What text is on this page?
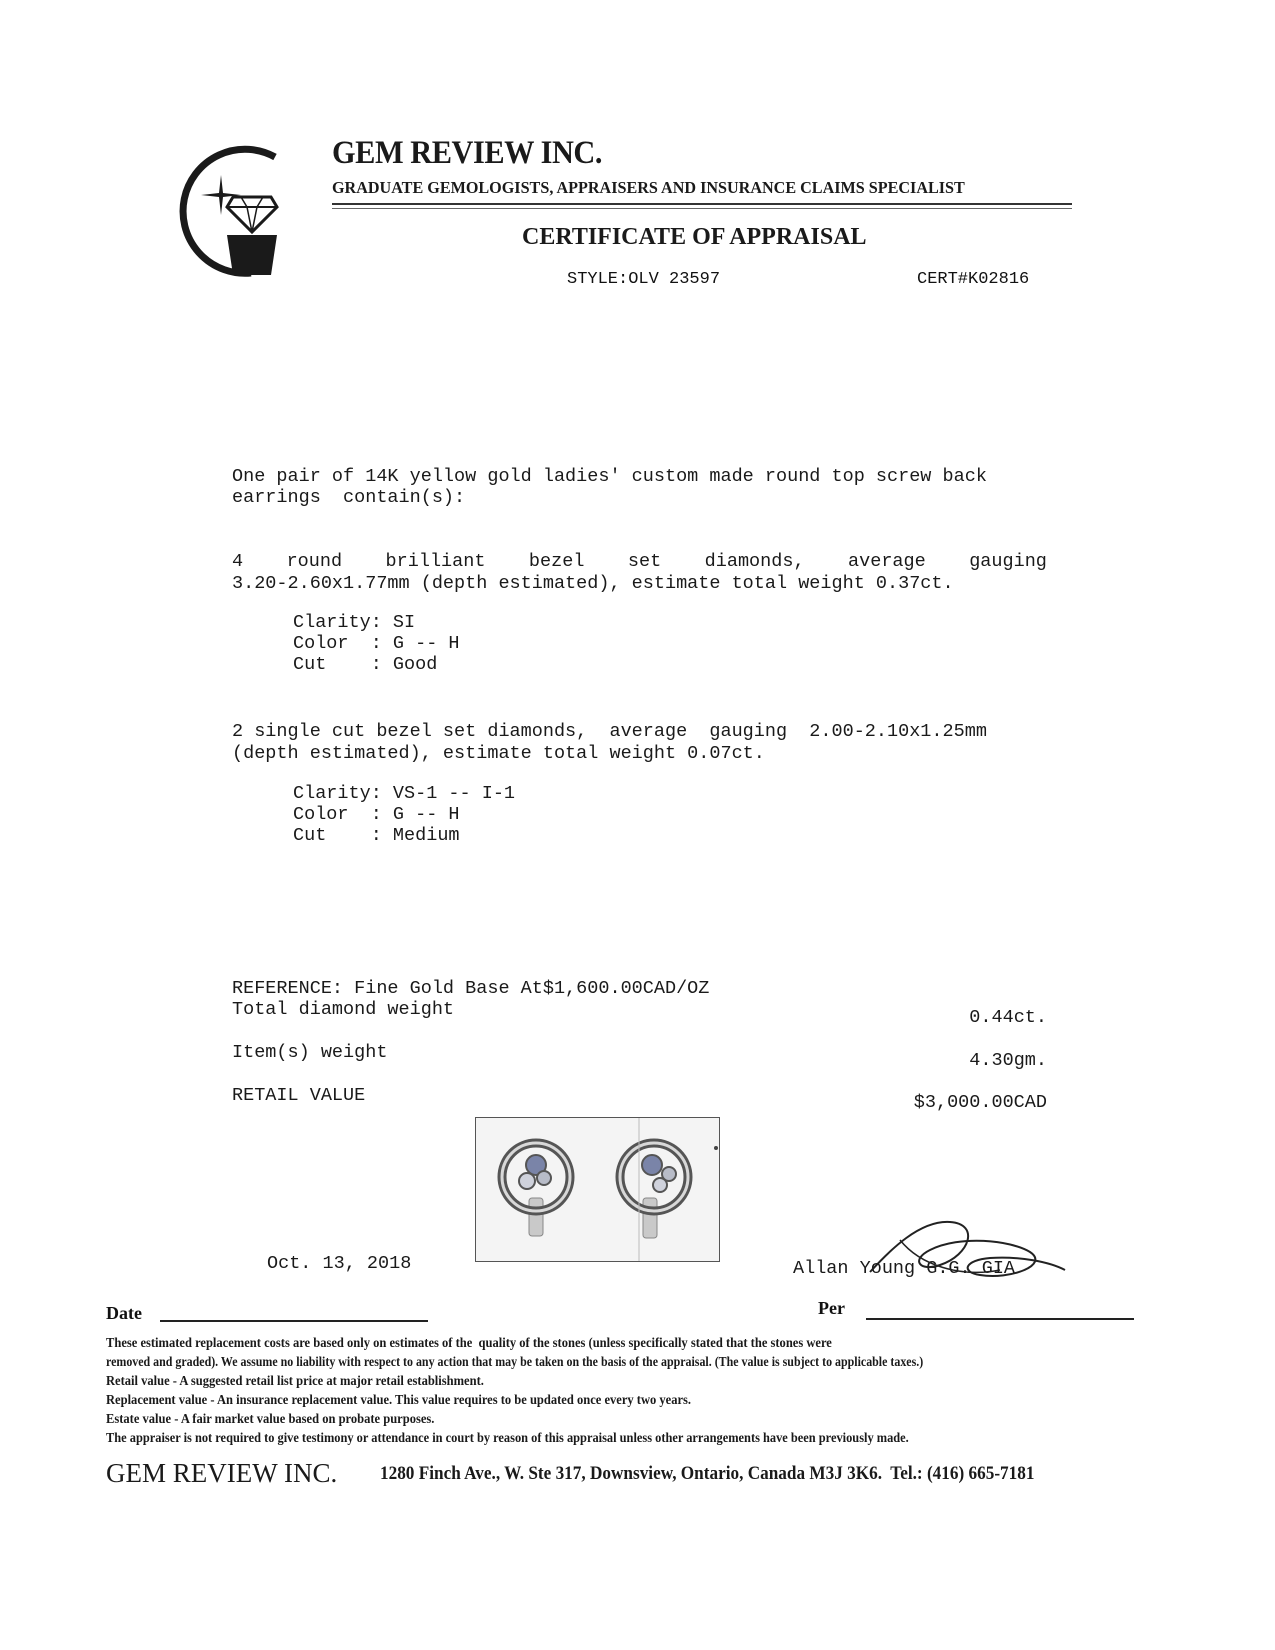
GEM REVIEW INC.
GRADUATE GEMOLOGISTS, APPRAISERS AND INSURANCE CLAIMS SPECIALIST
CERTIFICATE OF APPRAISAL
STYLE:OLV 23597	CERT#K02816
One pair of 14K yellow gold ladies' custom made round top screw back
earrings  contain(s):
4 round brilliant bezel set diamonds, average gauging
3.20-2.60x1.77mm (depth estimated), estimate total weight 0.37ct.
Clarity: SI
Color  : G -- H
Cut    : Good
2 single cut bezel set diamonds,  average  gauging  2.00-2.10x1.25mm
(depth estimated), estimate total weight 0.07ct.
Clarity: VS-1 -- I-1
Color  : G -- H
Cut    : Medium
REFERENCE: Fine Gold Base At$1,600.00CAD/OZ
Total diamond weight	0.44ct.
Item(s) weight	4.30gm.
RETAIL VALUE	$3,000.00CAD
Oct. 13, 2018	Allan Young G.G. GIA
Date	Per
These estimated replacement costs are based only on estimates of the  quality of the stones (unless specifically stated that the stones were
removed and graded). We assume no liability with respect to any action that may be taken on the basis of the appraisal. (The value is subject to applicable taxes.)
Retail value - A suggested retail list price at major retail establishment.
Replacement value - An insurance replacement value. This value requires to be updated once every two years.
Estate value - A fair market value based on probate purposes.
The appraiser is not required to give testimony or attendance in court by reason of this appraisal unless other arrangements have been previously made.
GEM REVIEW INC. 1280 Finch Ave., W. Ste 317, Downsview, Ontario, Canada M3J 3K6.  Tel.: (416) 665-7181
